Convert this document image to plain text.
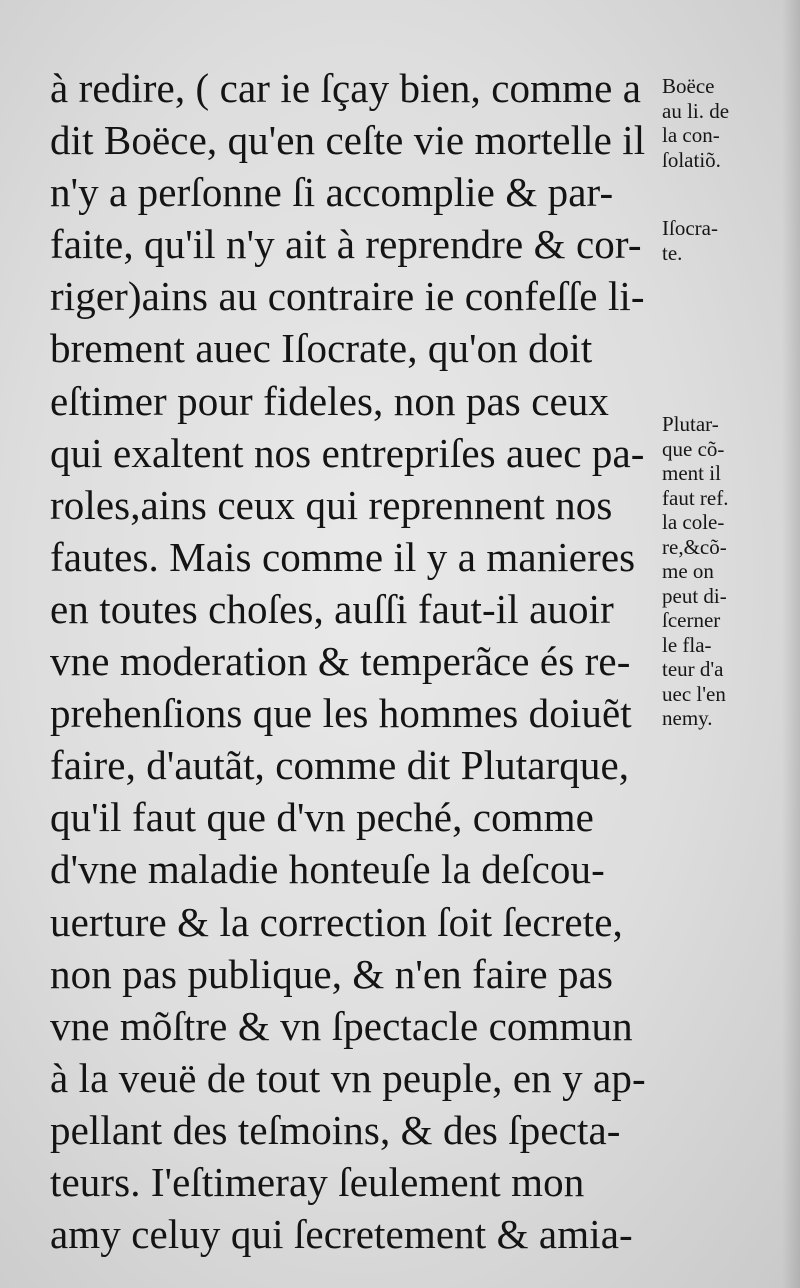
à redire, ( car ie ſçay bien, comme a
dit Boëce, qu'en ceſte vie mortelle il
n'y a perſonne ſi accomplie & par-
faite, qu'il n'y ait à reprendre & cor-
riger)ains au contraire ie confeſſe li-
brement auec Iſocrate, qu'on doit
eſtimer pour fideles, non pas ceux
qui exaltent nos entrepriſes auec pa-
roles,ains ceux qui reprennent nos
fautes. Mais comme il y a manieres
en toutes choſes, auſſi faut-il auoir
vne moderation & temperãce és re-
prehenſions que les hommes doiuẽt
faire, d'autãt, comme dit Plutarque,
qu'il faut que d'vn peché, comme
d'vne maladie honteuſe la deſcou-
uerture & la correction ſoit ſecrete,
non pas publique, & n'en faire pas
vne mõſtre & vn ſpectacle commun
à la veuë de tout vn peuple, en y ap-
pellant des teſmoins, & des ſpecta-
teurs. I'eſtimeray ſeulement mon
amy celuy qui ſecretement & amia-
Boëce
au li. de
la con-
ſolatiõ.
Iſocra-
te.
Plutar-
que cõ-
ment il
faut ref.
la cole-
re,&cõ-
me on
peut di-
ſcerner
le fla-
teur d'a
uec l'en
nemy.
